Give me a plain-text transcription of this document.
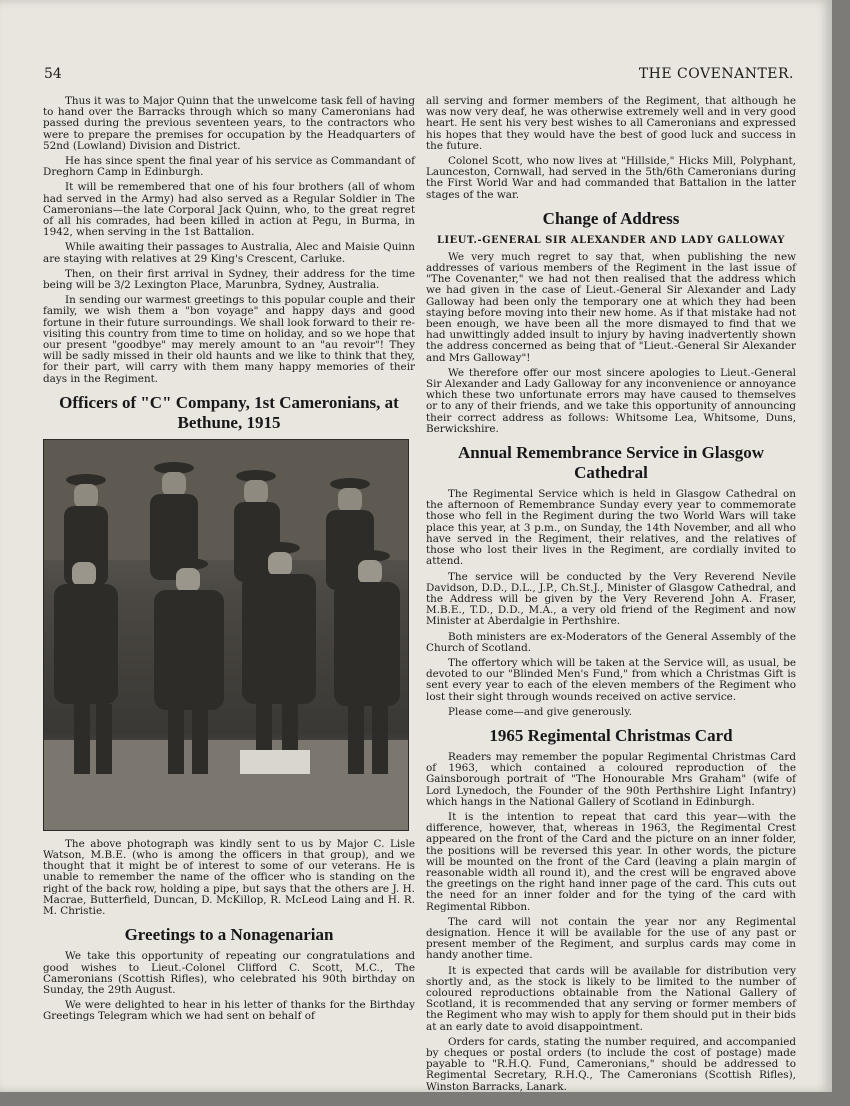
54	THE COVENANTER.

Thus it was to Major Quinn that the unwelcome task fell of having to hand over the Barracks through which so many Cameronians had passed during the previous seventeen years, to the contractors who were to prepare the premises for occupation by the Headquarters of 52nd (Lowland) Division and District.

He has since spent the final year of his service as Commandant of Dreghorn Camp in Edinburgh.

It will be remembered that one of his four brothers (all of whom had served in the Army) had also served as a Regular Soldier in The Cameronians—the late Corporal Jack Quinn, who, to the great regret of all his comrades, had been killed in action at Pegu, in Burma, in 1942, when serving in the 1st Battalion.

While awaiting their passages to Australia, Alec and Maisie Quinn are staying with relatives at 29 King's Crescent, Carluke.

Then, on their first arrival in Sydney, their address for the time being will be 3/2 Lexington Place, Marunbra, Sydney, Australia.

In sending our warmest greetings to this popular couple and their family, we wish them a "bon voyage" and happy days and good fortune in their future surroundings. We shall look forward to their re-visiting this country from time to time on holiday, and so we hope that our present "goodbye" may merely amount to an "au revoir"! They will be sadly missed in their old haunts and we like to think that they, for their part, will carry with them many happy memories of their days in the Regiment.

Officers of "C" Company, 1st Cameronians, at Bethune, 1915

The above photograph was kindly sent to us by Major C. Lisle Watson, M.B.E. (who is among the officers in that group), and we thought that it might be of interest to some of our veterans. He is unable to remember the name of the officer who is standing on the right of the back row, holding a pipe, but says that the others are J. H. Macrae, Butterfield, Duncan, D. McKillop, R. McLeod Laing and H. R. M. Christie.

Greetings to a Nonagenarian

We take this opportunity of repeating our congratulations and good wishes to Lieut.-Colonel Clifford C. Scott, M.C., The Cameronians (Scottish Rifles), who celebrated his 90th birthday on Sunday, the 29th August.

We were delighted to hear in his letter of thanks for the Birthday Greetings Telegram which we had sent on behalf of

all serving and former members of the Regiment, that although he was now very deaf, he was otherwise extremely well and in very good heart. He sent his very best wishes to all Cameronians and expressed his hopes that they would have the best of good luck and success in the future.

Colonel Scott, who now lives at "Hillside," Hicks Mill, Polyphant, Launceston, Cornwall, had served in the 5th/6th Cameronians during the First World War and had commanded that Battalion in the latter stages of the war.

Change of Address
LIEUT.-GENERAL SIR ALEXANDER AND LADY GALLOWAY

We very much regret to say that, when publishing the new addresses of various members of the Regiment in the last issue of "The Covenanter," we had not then realised that the address which we had given in the case of Lieut.-General Sir Alexander and Lady Galloway had been only the temporary one at which they had been staying before moving into their new home. As if that mistake had not been enough, we have been all the more dismayed to find that we had unwittingly added insult to injury by having inadvertently shown the address concerned as being that of "Lieut.-General Sir Alexander and Mrs Galloway"!

We therefore offer our most sincere apologies to Lieut.-General Sir Alexander and Lady Galloway for any inconvenience or annoyance which these two unfortunate errors may have caused to themselves or to any of their friends, and we take this opportunity of announcing their correct address as follows: Whitsome Lea, Whitsome, Duns, Berwickshire.

Annual Remembrance Service in Glasgow Cathedral

The Regimental Service which is held in Glasgow Cathedral on the afternoon of Remembrance Sunday every year to commemorate those who fell in the Regiment during the two World Wars will take place this year, at 3 p.m., on Sunday, the 14th November, and all who have served in the Regiment, their relatives, and the relatives of those who lost their lives in the Regiment, are cordially invited to attend.

The service will be conducted by the Very Reverend Nevile Davidson, D.D., D.L., J.P., Ch.St.J., Minister of Glasgow Cathedral, and the Address will be given by the Very Reverend John A. Fraser, M.B.E., T.D., D.D., M.A., a very old friend of the Regiment and now Minister at Aberdalgie in Perthshire.

Both ministers are ex-Moderators of the General Assembly of the Church of Scotland.

The offertory which will be taken at the Service will, as usual, be devoted to our "Blinded Men's Fund," from which a Christmas Gift is sent every year to each of the eleven members of the Regiment who lost their sight through wounds received on active service.

Please come—and give generously.

1965 Regimental Christmas Card

Readers may remember the popular Regimental Christmas Card of 1963, which contained a coloured reproduction of the Gainsborough portrait of "The Honourable Mrs Graham" (wife of Lord Lynedoch, the Founder of the 90th Perthshire Light Infantry) which hangs in the National Gallery of Scotland in Edinburgh.

It is the intention to repeat that card this year—with the difference, however, that, whereas in 1963, the Regimental Crest appeared on the front of the Card and the picture on an inner folder, the positions will be reversed this year. In other words, the picture will be mounted on the front of the Card (leaving a plain margin of reasonable width all round it), and the crest will be engraved above the greetings on the right hand inner page of the card. This cuts out the need for an inner folder and for the tying of the card with Regimental Ribbon.

The card will not contain the year nor any Regimental designation. Hence it will be available for the use of any past or present member of the Regiment, and surplus cards may come in handy another time.

It is expected that cards will be available for distribution very shortly and, as the stock is likely to be limited to the number of coloured reproductions obtainable from the National Gallery of Scotland, it is recommended that any serving or former members of the Regiment who may wish to apply for them should put in their bids at an early date to avoid disappointment.

Orders for cards, stating the number required, and accompanied by cheques or postal orders (to include the cost of postage) made payable to "R.H.Q. Fund, Cameronians," should be addressed to Regimental Secretary, R.H.Q., The Cameronians (Scottish Rifles), Winston Barracks, Lanark.
